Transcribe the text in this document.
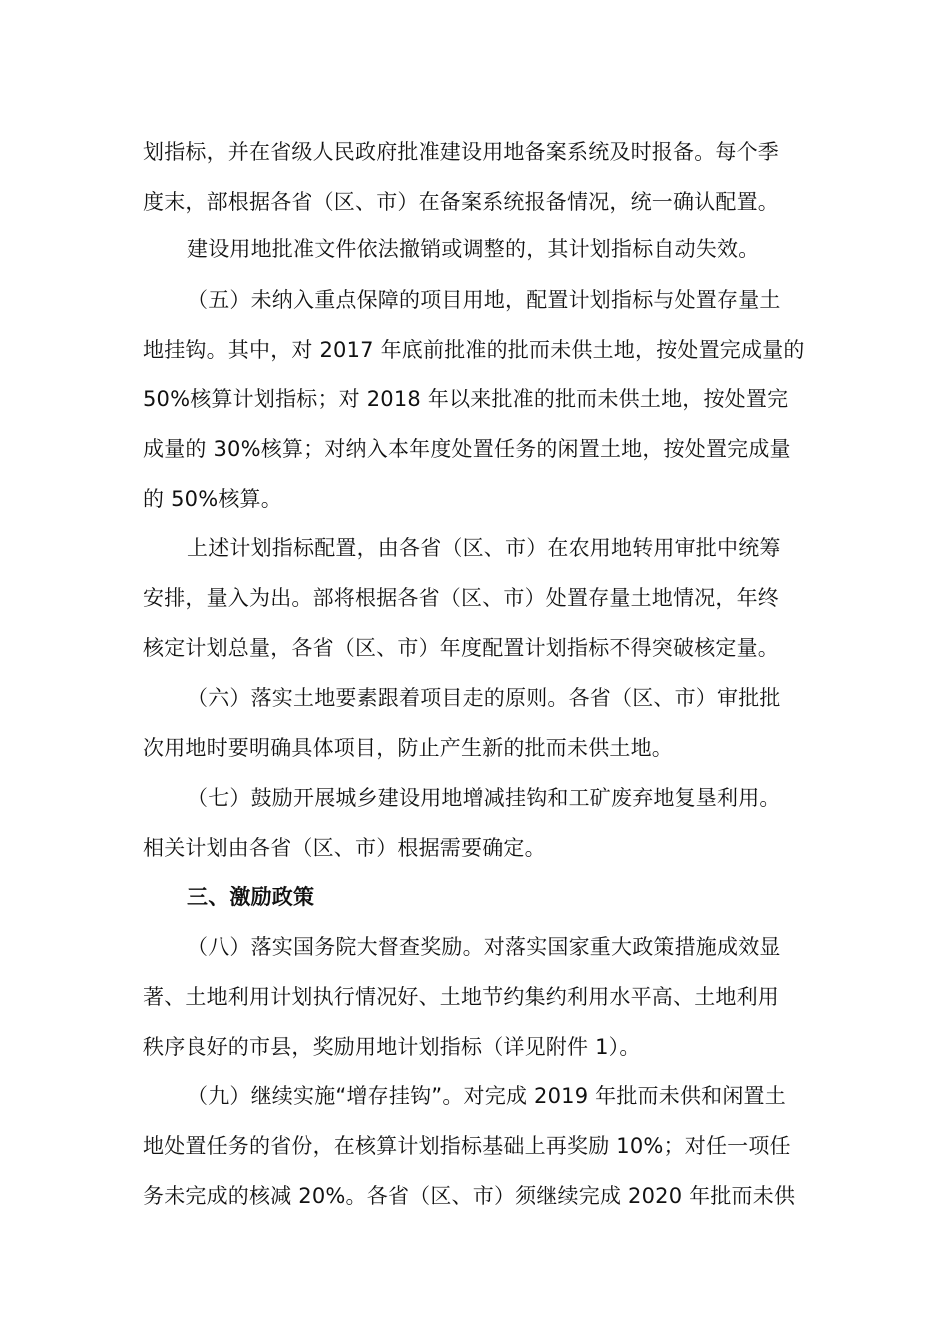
划指标，并在省级人民政府批准建设用地备案系统及时报备。每个季
度末，部根据各省（区、市）在备案系统报备情况，统一确认配置。
建设用地批准文件依法撤销或调整的，其计划指标自动失效。
（五）未纳入重点保障的项目用地，配置计划指标与处置存量土
地挂钩。其中，对 2017 年底前批准的批而未供土地，按处置完成量的
50%核算计划指标；对 2018 年以来批准的批而未供土地，按处置完
成量的 30%核算；对纳入本年度处置任务的闲置土地，按处置完成量
的 50%核算。
上述计划指标配置，由各省（区、市）在农用地转用审批中统筹
安排，量入为出。部将根据各省（区、市）处置存量土地情况，年终
核定计划总量，各省（区、市）年度配置计划指标不得突破核定量。
（六）落实土地要素跟着项目走的原则。各省（区、市）审批批
次用地时要明确具体项目，防止产生新的批而未供土地。
（七）鼓励开展城乡建设用地增减挂钩和工矿废弃地复垦利用。
相关计划由各省（区、市）根据需要确定。
三、激励政策
（八）落实国务院大督查奖励。对落实国家重大政策措施成效显
著、土地利用计划执行情况好、土地节约集约利用水平高、土地利用
秩序良好的市县，奖励用地计划指标（详见附件 1）。
（九）继续实施“增存挂钩”。对完成 2019 年批而未供和闲置土
地处置任务的省份，在核算计划指标基础上再奖励 10%；对任一项任
务未完成的核减 20%。各省（区、市）须继续完成 2020 年批而未供
